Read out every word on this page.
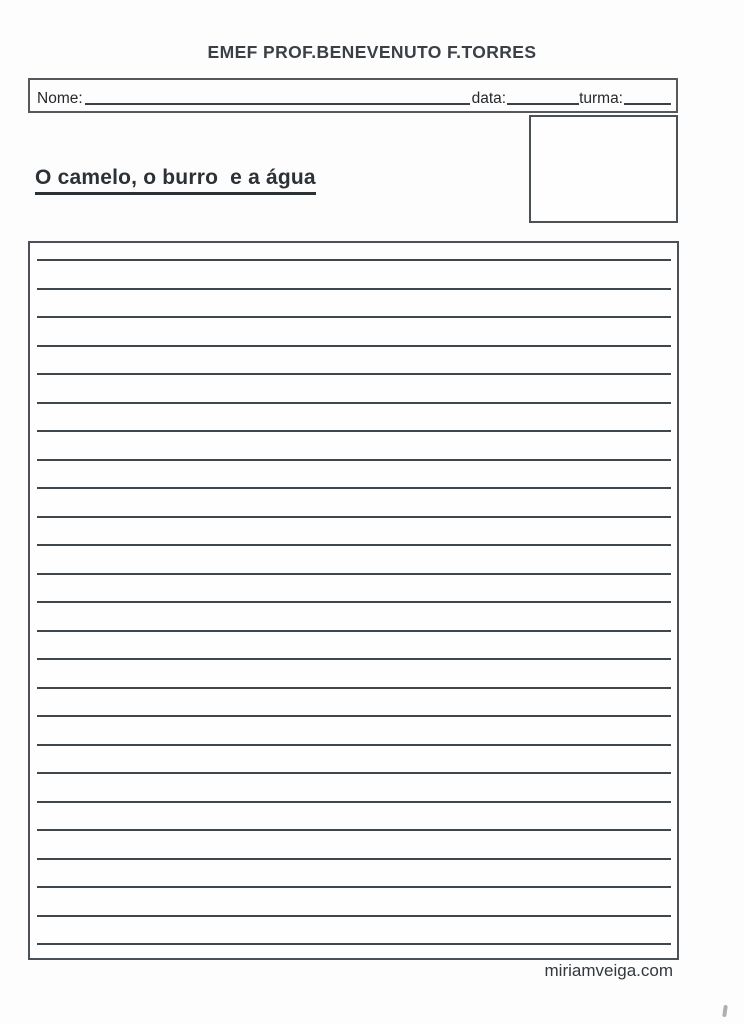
EMEF PROF.BENEVENUTO F.TORRES
Nome:	data:	turma:
O camelo, o burro  e a água
miriamveiga.com
